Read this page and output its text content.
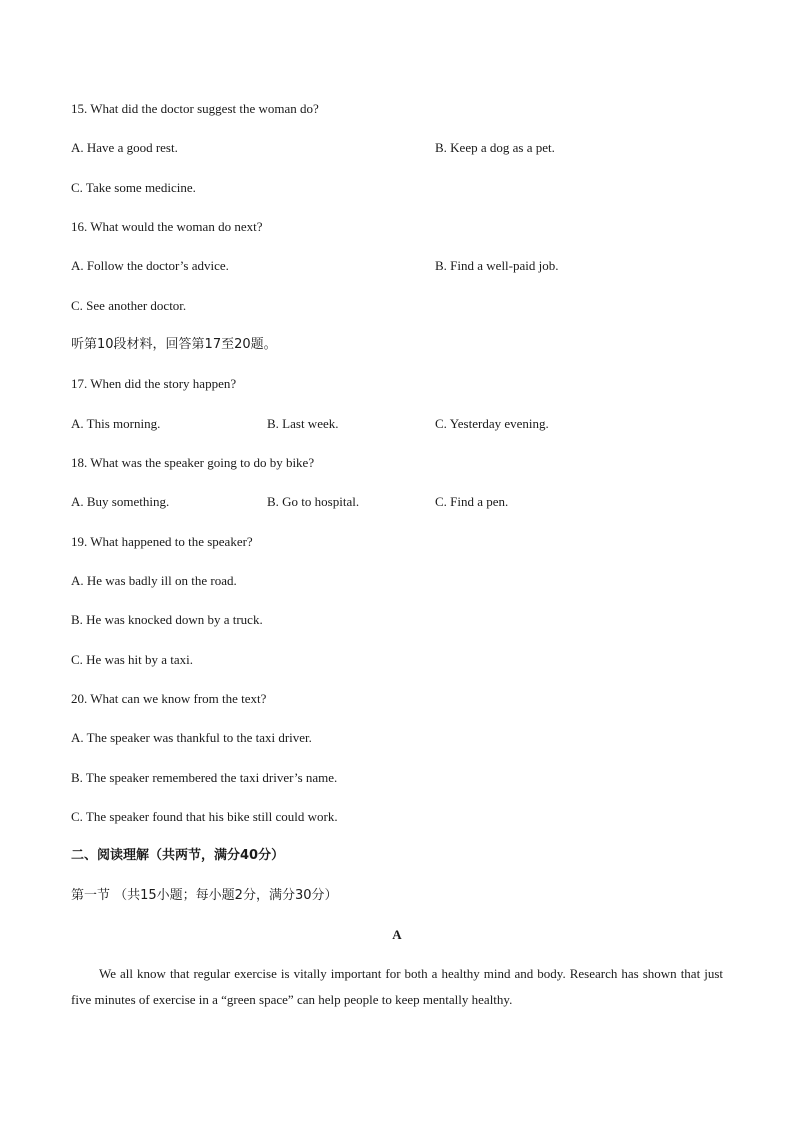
15. What did the doctor suggest the woman do?
A. Have a good rest.	B. Keep a dog as a pet.
C. Take some medicine.
16. What would the woman do next?
A. Follow the doctor’s advice.	B. Find a well-paid job.
C. See another doctor.
听第10段材料，回答第17至20题。
17. When did the story happen?
A. This morning.	B. Last week.	C. Yesterday evening.
18. What was the speaker going to do by bike?
A. Buy something.	B. Go to hospital.	C. Find a pen.
19. What happened to the speaker?
A. He was badly ill on the road.
B. He was knocked down by a truck.
C. He was hit by a taxi.
20. What can we know from the text?
A. The speaker was thankful to the taxi driver.
B. The speaker remembered the taxi driver’s name.
C. The speaker found that his bike still could work.
二、阅读理解（共两节，满分40分）
第一节 （共15小题；每小题2分，满分30分）
A
We all know that regular exercise is vitally important for both a healthy mind and body. Research has shown that just five minutes of exercise in a “green space” can help people to keep mentally healthy.
